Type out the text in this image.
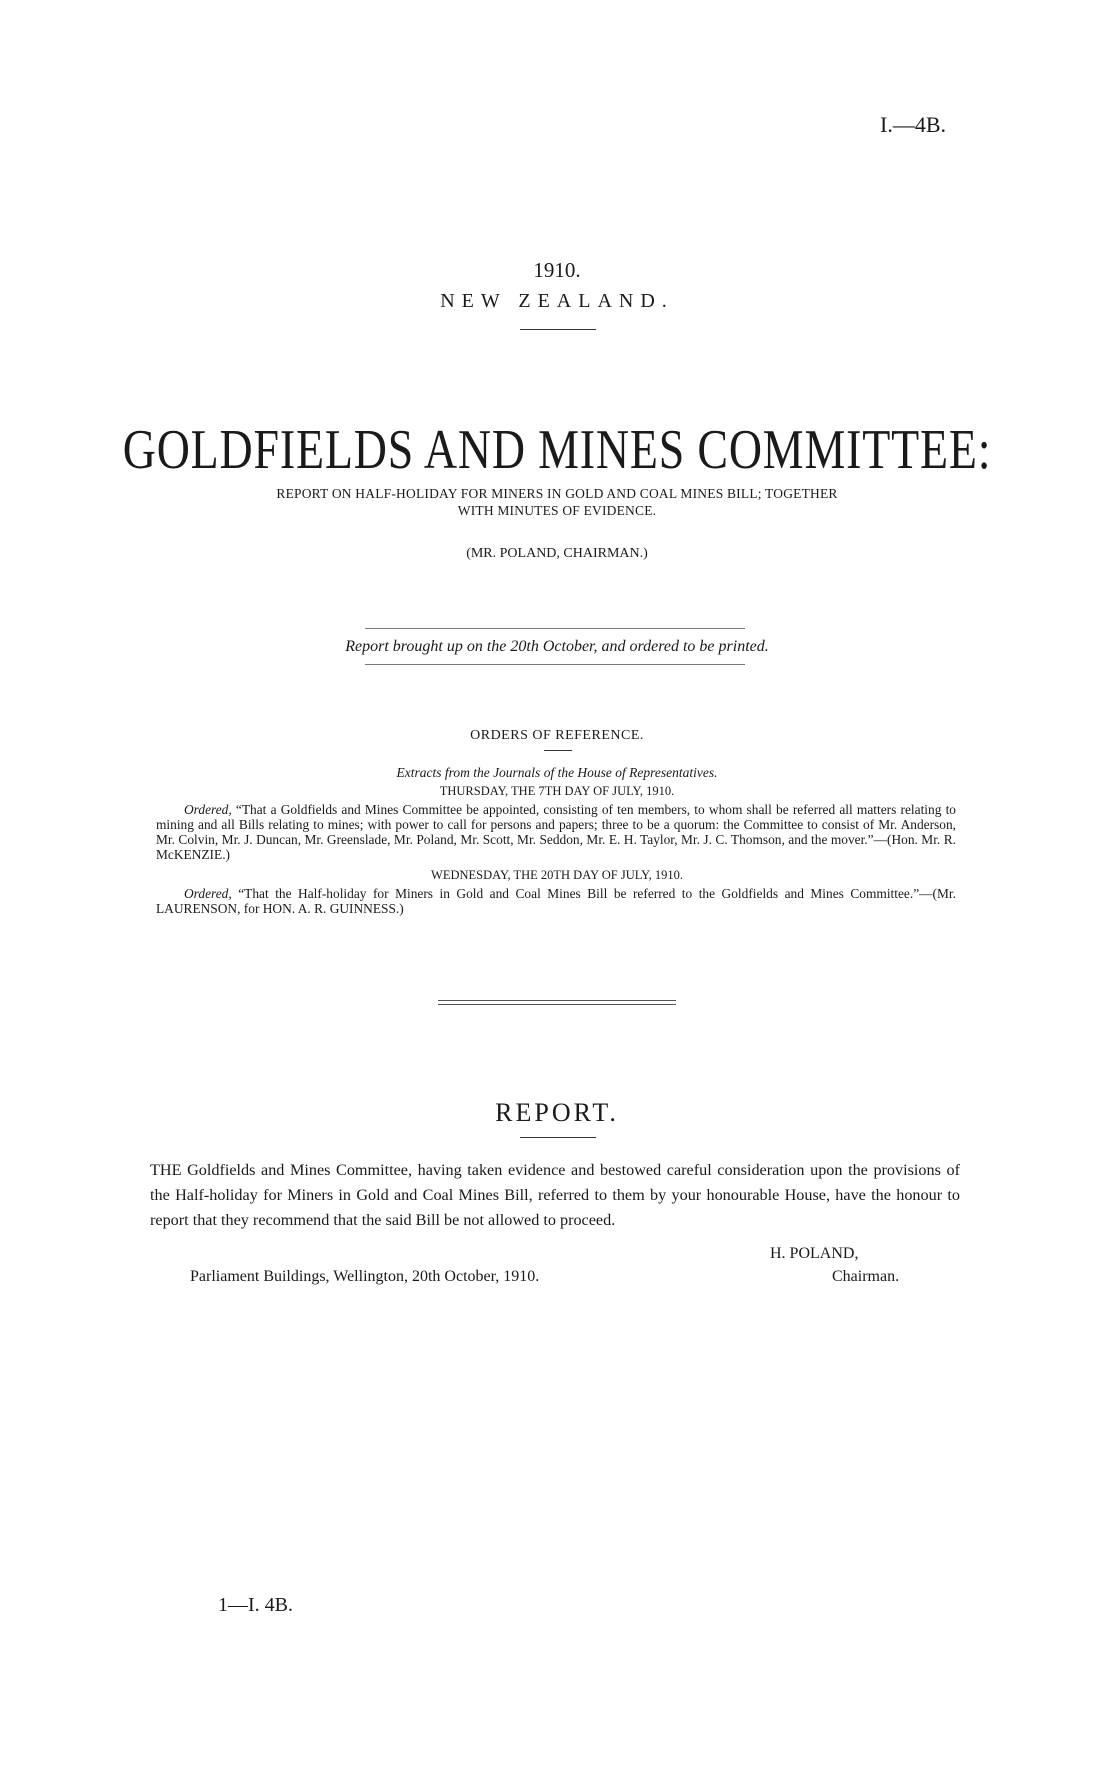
I.—4B.
1910.
NEW ZEALAND.
GOLDFIELDS AND MINES COMMITTEE:
REPORT ON HALF-HOLIDAY FOR MINERS IN GOLD AND COAL MINES BILL; TOGETHER
WITH MINUTES OF EVIDENCE.
(MR. POLAND, CHAIRMAN.)
Report brought up on the 20th October, and ordered to be printed.
ORDERS OF REFERENCE.
Extracts from the Journals of the House of Representatives.
THURSDAY, THE 7TH DAY OF JULY, 1910.
Ordered, “That a Goldfields and Mines Committee be appointed, consisting of ten members, to whom shall be referred all matters relating to mining and all Bills relating to mines; with power to call for persons and papers; three to be a quorum: the Committee to consist of Mr. Anderson, Mr. Colvin, Mr. J. Duncan, Mr. Greenslade, Mr. Poland, Mr. Scott, Mr. Seddon, Mr. E. H. Taylor, Mr. J. C. Thomson, and the mover.”—(Hon. Mr. R. McKENZIE.)
WEDNESDAY, THE 20TH DAY OF JULY, 1910.
Ordered, “That the Half-holiday for Miners in Gold and Coal Mines Bill be referred to the Goldfields and Mines Committee.”—(Mr. LAURENSON, for HON. A. R. GUINNESS.)
REPORT.
THE Goldfields and Mines Committee, having taken evidence and bestowed careful consideration upon the provisions of the Half-holiday for Miners in Gold and Coal Mines Bill, referred to them by your honourable House, have the honour to report that they recommend that the said Bill be not allowed to proceed.
H. POLAND,
Parliament Buildings, Wellington, 20th October, 1910.	Chairman.
1—I. 4B.
